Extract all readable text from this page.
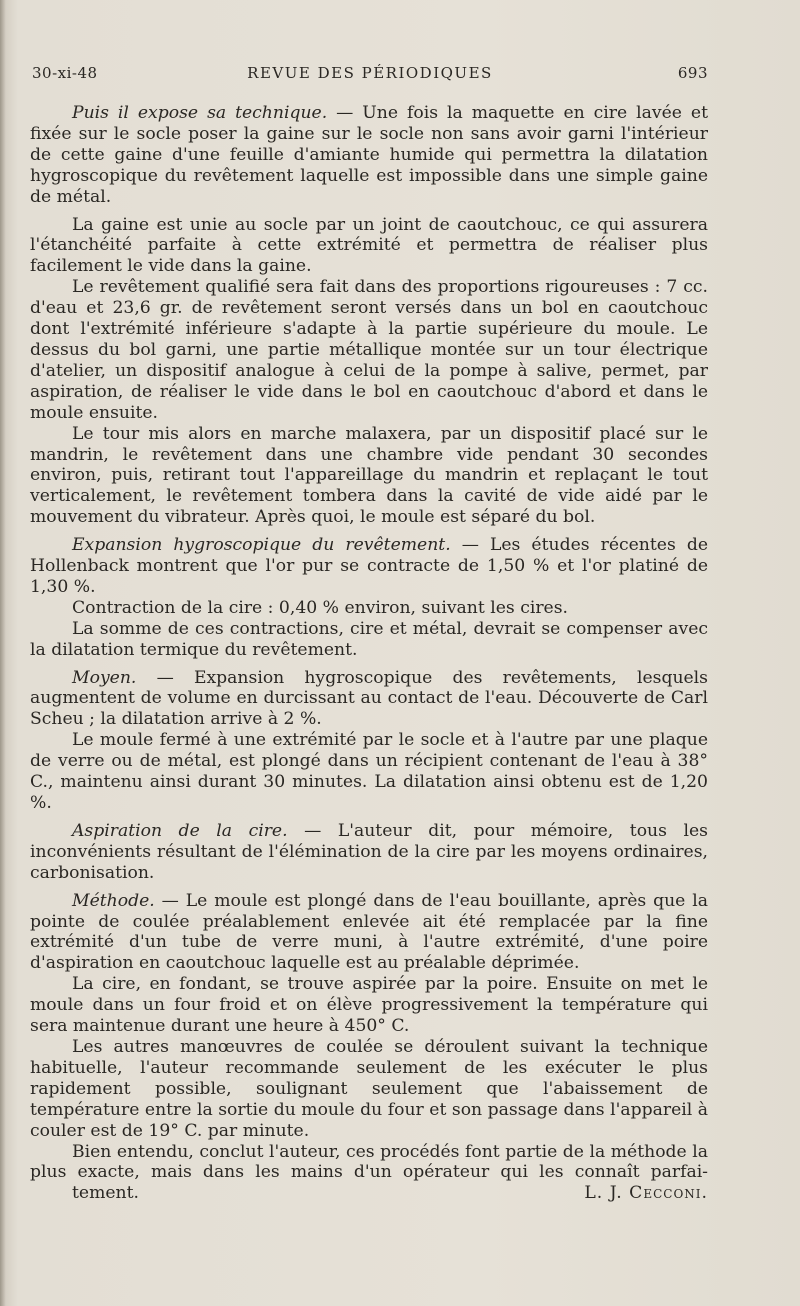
30-xi-48	REVUE DES PÉRIODIQUES	693

Puis il expose sa technique. — Une fois la maquette en cire lavée et fixée sur le socle poser la gaine sur le socle non sans avoir garni l'intérieur de cette gaine d'une feuille d'amiante humide qui permettra la dilatation hygroscopique du revêtement laquelle est impossible dans une simple gaine de métal.

La gaine est unie au socle par un joint de caoutchouc, ce qui assurera l'étanchéité parfaite à cette extrémité et permettra de réaliser plus facilement le vide dans la gaine.

Le revêtement qualifié sera fait dans des proportions rigoureuses : 7 cc. d'eau et 23,6 gr. de revêtement seront versés dans un bol en caoutchouc dont l'extrémité inférieure s'adapte à la partie supérieure du moule. Le dessus du bol garni, une partie métallique montée sur un tour électrique d'atelier, un dispositif analogue à celui de la pompe à salive, permet, par aspiration, de réaliser le vide dans le bol en caoutchouc d'abord et dans le moule ensuite.

Le tour mis alors en marche malaxera, par un dispositif placé sur le mandrin, le revêtement dans une chambre vide pendant 30 secondes environ, puis, retirant tout l'appareillage du mandrin et replaçant le tout verticalement, le revêtement tombera dans la cavité de vide aidé par le mouvement du vibrateur. Après quoi, le moule est séparé du bol.

Expansion hygroscopique du revêtement. — Les études récentes de Hollenback montrent que l'or pur se contracte de 1,50 % et l'or platiné de 1,30 %.

Contraction de la cire : 0,40 % environ, suivant les cires.

La somme de ces contractions, cire et métal, devrait se compenser avec la dilatation termique du revêtement.

Moyen. — Expansion hygroscopique des revêtements, lesquels augmentent de volume en durcissant au contact de l'eau. Découverte de Carl Scheu ; la dilatation arrive à 2 %.

Le moule fermé à une extrémité par le socle et à l'autre par une plaque de verre ou de métal, est plongé dans un récipient contenant de l'eau à 38° C., maintenu ainsi durant 30 minutes. La dilatation ainsi obtenu est de 1,20 %.

Aspiration de la cire. — L'auteur dit, pour mémoire, tous les inconvénients résultant de l'élémination de la cire par les moyens ordinaires, carbonisation.

Méthode. — Le moule est plongé dans de l'eau bouillante, après que la pointe de coulée préalablement enlevée ait été remplacée par la fine extrémité d'un tube de verre muni, à l'autre extrémité, d'une poire d'aspiration en caoutchouc laquelle est au préalable déprimée.

La cire, en fondant, se trouve aspirée par la poire. Ensuite on met le moule dans un four froid et on élève progressivement la température qui sera maintenue durant une heure à 450° C.

Les autres manœuvres de coulée se déroulent suivant la technique habituelle, l'auteur recommande seulement de les exécuter le plus rapidement possible, soulignant seulement que l'abaissement de température entre la sortie du moule du four et son passage dans l'appareil à couler est de 19° C. par minute.

Bien entendu, conclut l'auteur, ces procédés font partie de la méthode la plus exacte, mais dans les mains d'un opérateur qui les connaît parfai-

tement.	L. J. Cecconi.
